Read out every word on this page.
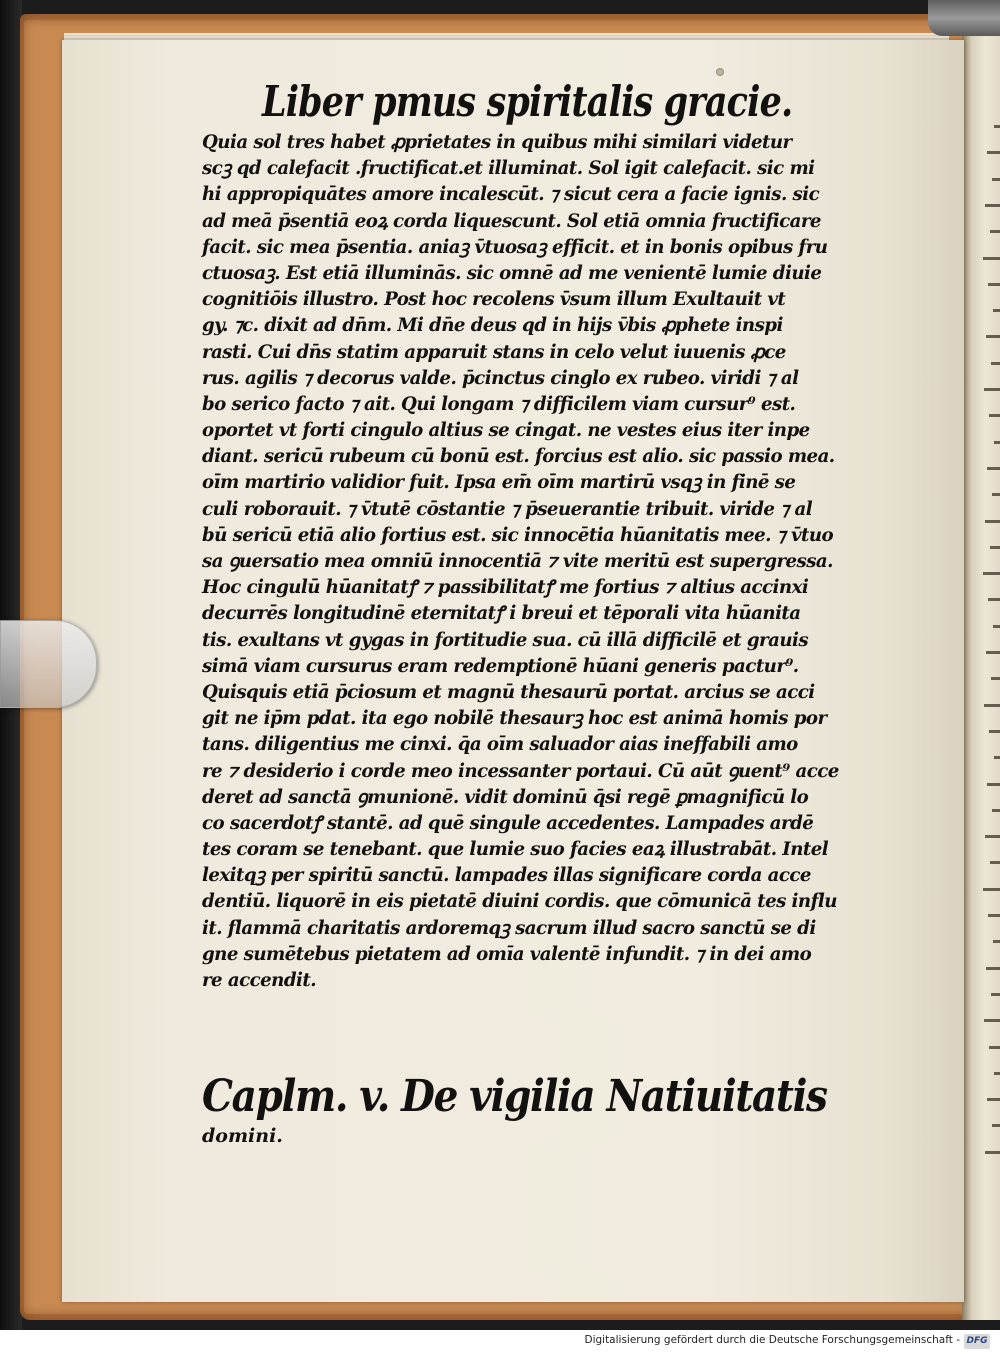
Liber pmus spiritalis gracie.
Quia sol tres habet ꝓprietates in quibus mihi similari videtur
scꝫ qd calefacit .fructificat.et illuminat. Sol igit calefacit. sic mi
hi appropiquātes amore incalescūt. ⁊ sicut cera a facie ignis. sic
ad meā p̄sentiā eoꝝ corda liquescunt. Sol etiā omnia fructificare
facit. sic mea p̄sentia. aniaꝫ v̄tuosaꝫ efficit. et in bonis opibus fru
ctuosaꝫ. Est etiā illuminās. sic omnē ad me venientē lumie diuie
cognitiōis illustro. Post hoc recolens v̄sum illum Exultauit vt
gy. ⁊c. dixit ad dn̄m. Mi dn̄e deus qd in hijs v̄bis ꝓphete inspi
rasti. Cui dn̄s statim apparuit stans in celo velut iuuenis ꝓce
rus. agilis ⁊ decorus valde. p̄cinctus cinglo ex rubeo. viridi ⁊ al
bo serico facto ⁊ ait. Qui longam ⁊ difficilem viam cursur⁹ est.
oportet vt forti cingulo altius se cingat. ne vestes eius iter inpe
diant. sericū rubeum cū bonū est. forcius est alio. sic passio mea.
oīm martirio validior fuit. Ipsa em̄ oīm martirū vsqꝫ in finē se
culi roborauit. ⁊ v̄tutē cōstantie ⁊ p̄seuerantie tribuit. viride ⁊ al
bū sericū etiā alio fortius est. sic innocētia hūanitatis mee. ⁊ v̄tuo
sa ꝯuersatio mea omniū innocentiā ⁊ vite meritū est supergressa.
Hoc cingulū hūanitatꝭ ⁊ passibilitatꝭ me fortius ⁊ altius accinxi
decurrēs longitudinē eternitatꝭ i breui et tēporali vita hūanita
tis. exultans vt gygas in fortitudie sua. cū illā difficilē et grauis
simā viam cursurus eram redemptionē hūani generis pactur⁹.
Quisquis etiā p̄ciosum et magnū thesaurū portat. arcius se acci
git ne ip̄m pdat. ita ego nobilē thesaurꝫ hoc est animā homis por
tans. diligentius me cinxi. q̄a oīm saluador aias ineffabili amo
re ⁊ desiderio i corde meo incessanter portaui. Cū aūt ꝯuent⁹ acce
deret ad sanctā ꝯmunionē. vidit dominū q̄si regē ꝑmagnificū lo
co sacerdotꝭ stantē. ad quē singule accedentes. Lampades ardē
tes coram se tenebant. que lumie suo facies eaꝝ illustrabāt. Intel
lexitqꝫ per spiritū sanctū. lampades illas significare corda acce
dentiū. liquorē in eis pietatē diuini cordis. que cōmunicā tes influ
it. flammā charitatis ardoremqꝫ sacrum illud sacro sanctū se di
gne sumētebus pietatem ad omīa valentē infundit. ⁊ in dei amo
re accendit.
Caplm. v. De vigilia Natiuitatis
domini.
Digitalisierung gefördert durch die Deutsche Forschungsgemeinschaft - DFG
